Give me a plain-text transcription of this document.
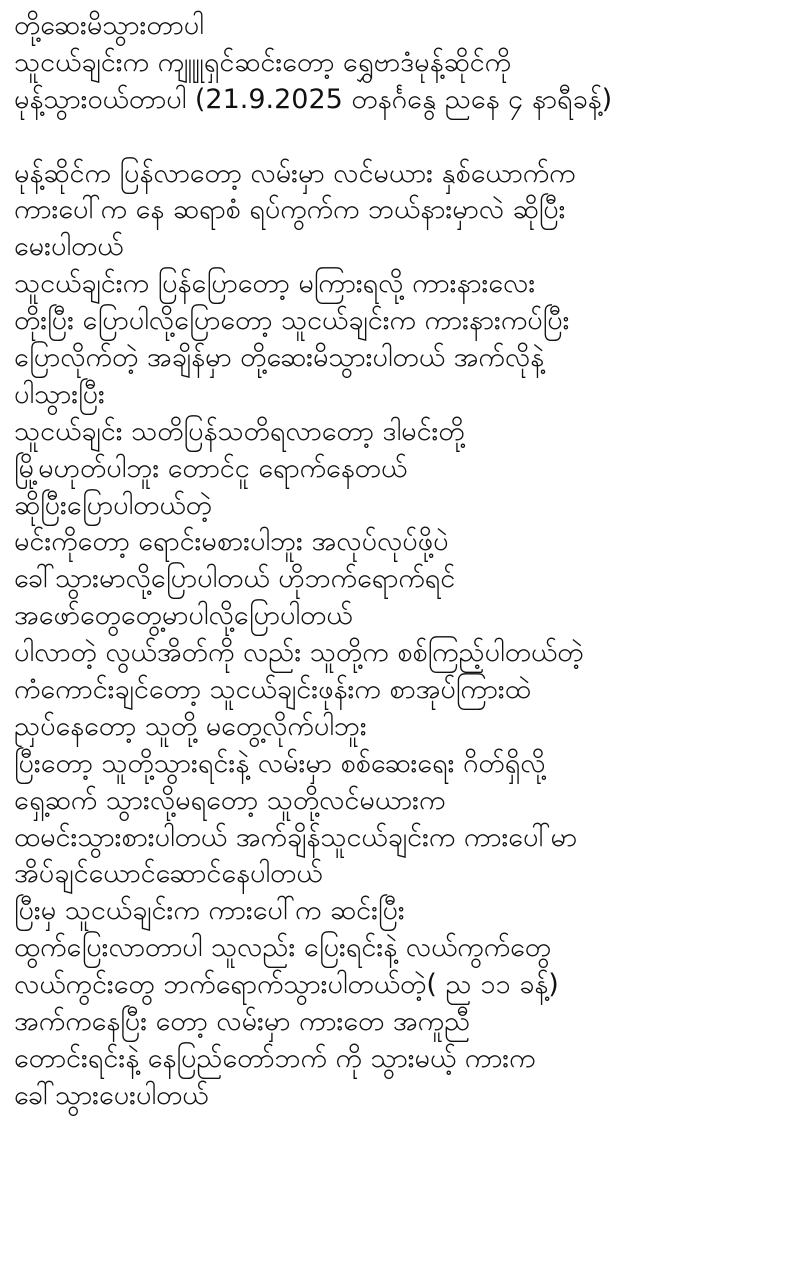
တို့ဆေးမိသွားတာပါ
သူငယ်ချင်းက ကျူူရှင်ဆင်းတော့ ရွှေဗာဒံမုန့်ဆိုင်ကို
မုန့်သွားဝယ်တာပါ (21.9.2025 တနင်္ဂနွေ ညနေ ၄ နာရီခန့်)
မုန့်ဆိုင်က ပြန်လာတော့ လမ်းမှာ လင်မယား နှစ်ယောက်က
ကားပေါ်က နေ ဆရာစံ ရပ်ကွက်က ဘယ်နားမှာလဲ ဆိုပြီး
မေးပါတယ်
သူငယ်ချင်းက ပြန်ပြောတော့ မကြားရလို့ ကားနားလေး
တိုးပြီး ပြောပါလို့ပြောတော့ သူငယ်ချင်းက ကားနားကပ်ပြီး
ပြောလိုက်တဲ့ အချိန်မှာ တို့ဆေးမိသွားပါတယ် အက်လိုနဲ့
ပါသွားပြီး
သူငယ်ချင်း သတိပြန်သတိရလာတော့ ဒါမင်းတို့
မြို့မဟုတ်ပါဘူး တောင်ငူ ရောက်နေတယ်
ဆိုပြီးပြောပါတယ်တဲ့
မင်းကိုတော့ ရောင်းမစားပါဘူး အလုပ်လုပ်ဖို့ပဲ
ခေါ်သွားမာလို့ပြောပါတယ် ဟိုဘက်ရောက်ရင်
အဖော်တွေတွေ့မာပါလို့ပြောပါတယ်
ပါလာတဲ့ လွယ်အိတ်ကို လည်း သူတို့က စစ်ကြည့်ပါတယ်တဲ့
ကံကောင်းချင်တော့ သူငယ်ချင်းဖုန်းက စာအုပ်ကြားထဲ
ညှပ်နေတော့ သူတို့ မတွေ့လိုက်ပါဘူး
ပြီးတော့ သူတို့သွားရင်းနဲ့ လမ်းမှာ စစ်ဆေးရေး ဂိတ်ရှိလို့
ရှေ့ဆက် သွားလို့မရတော့ သူတို့လင်မယားက
ထမင်းသွားစားပါတယ် အက်ချိန်သူငယ်ချင်းက ကားပေါ်မာ
အိပ်ချင်ယောင်ဆောင်နေပါတယ်
ပြီးမှ သူငယ်ချင်းက ကားပေါ်က ဆင်းပြီး
ထွက်ပြေးလာတာပါ သူလည်း ပြေးရင်းနဲ့ လယ်ကွက်တွေ
လယ်ကွင်းတွေ ဘက်ရောက်သွားပါတယ်တဲ့( ည ၁၁ ခန့်)
အက်ကနေပြီး တော့ လမ်းမှာ ကားတေ အကူညီ
တောင်းရင်းနဲ့ နေပြည်တော်ဘက် ကို သွားမယ့် ကားက
ခေါ်သွားပေးပါတယ်
